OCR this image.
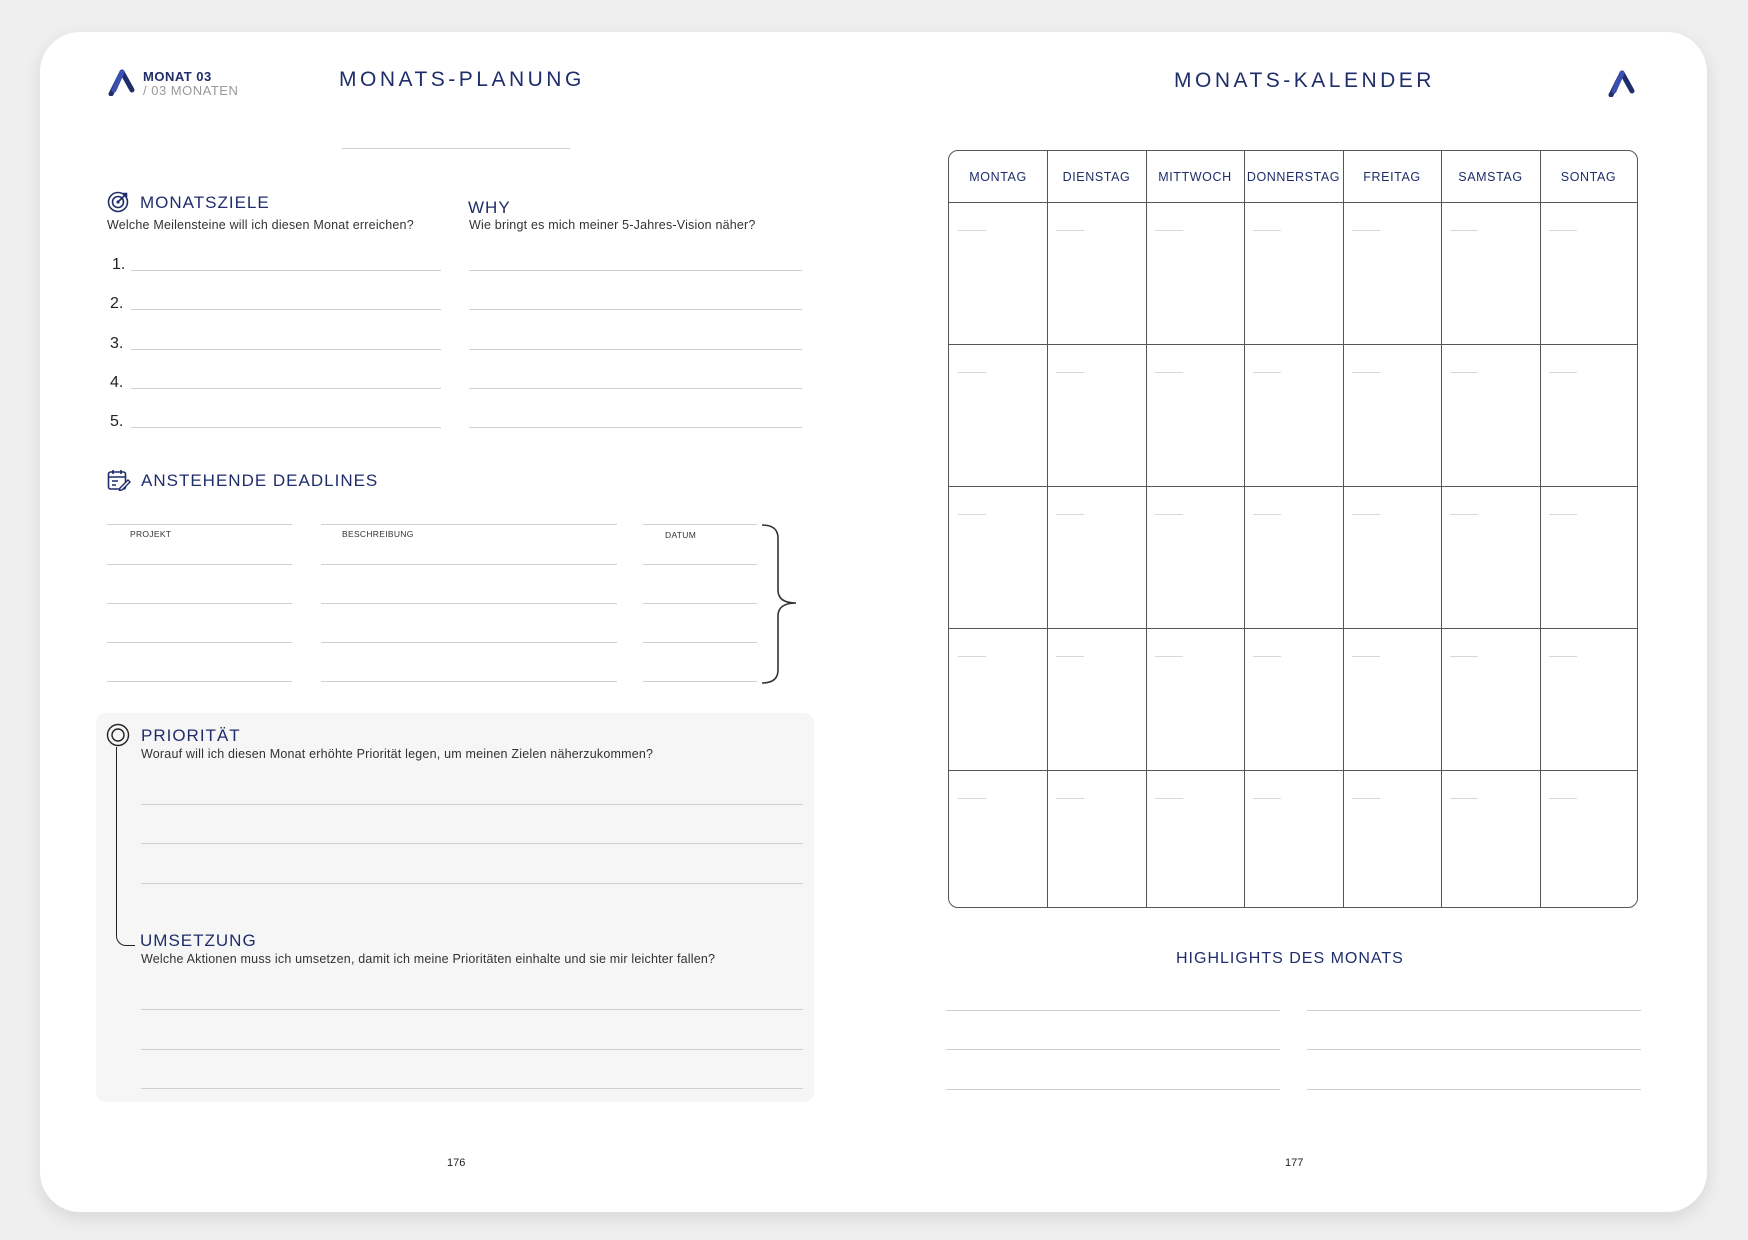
MONAT 03
/ 03 MONATEN	MONATS-PLANUNG
MONATSZIELE
Welche Meilensteine will ich diesen Monat erreichen?
WHY
Wie bringt es mich meiner 5-Jahres-Vision näher?
1.
2.
3.
4.
5.
ANSTEHENDE DEADLINES
PROJEKT	BESCHREIBUNG	DATUM
PRIORITÄT
Worauf will ich diesen Monat erhöhte Priorität legen, um meinen Zielen näherzukommen?
UMSETZUNG
Welche Aktionen muss ich umsetzen, damit ich meine Prioritäten einhalte und sie mir leichter fallen?
176
MONATS-KALENDER
MONTAG	DIENSTAG	MITTWOCH	DONNERSTAG	FREITAG	SAMSTAG	SONTAG
HIGHLIGHTS DES MONATS
177
